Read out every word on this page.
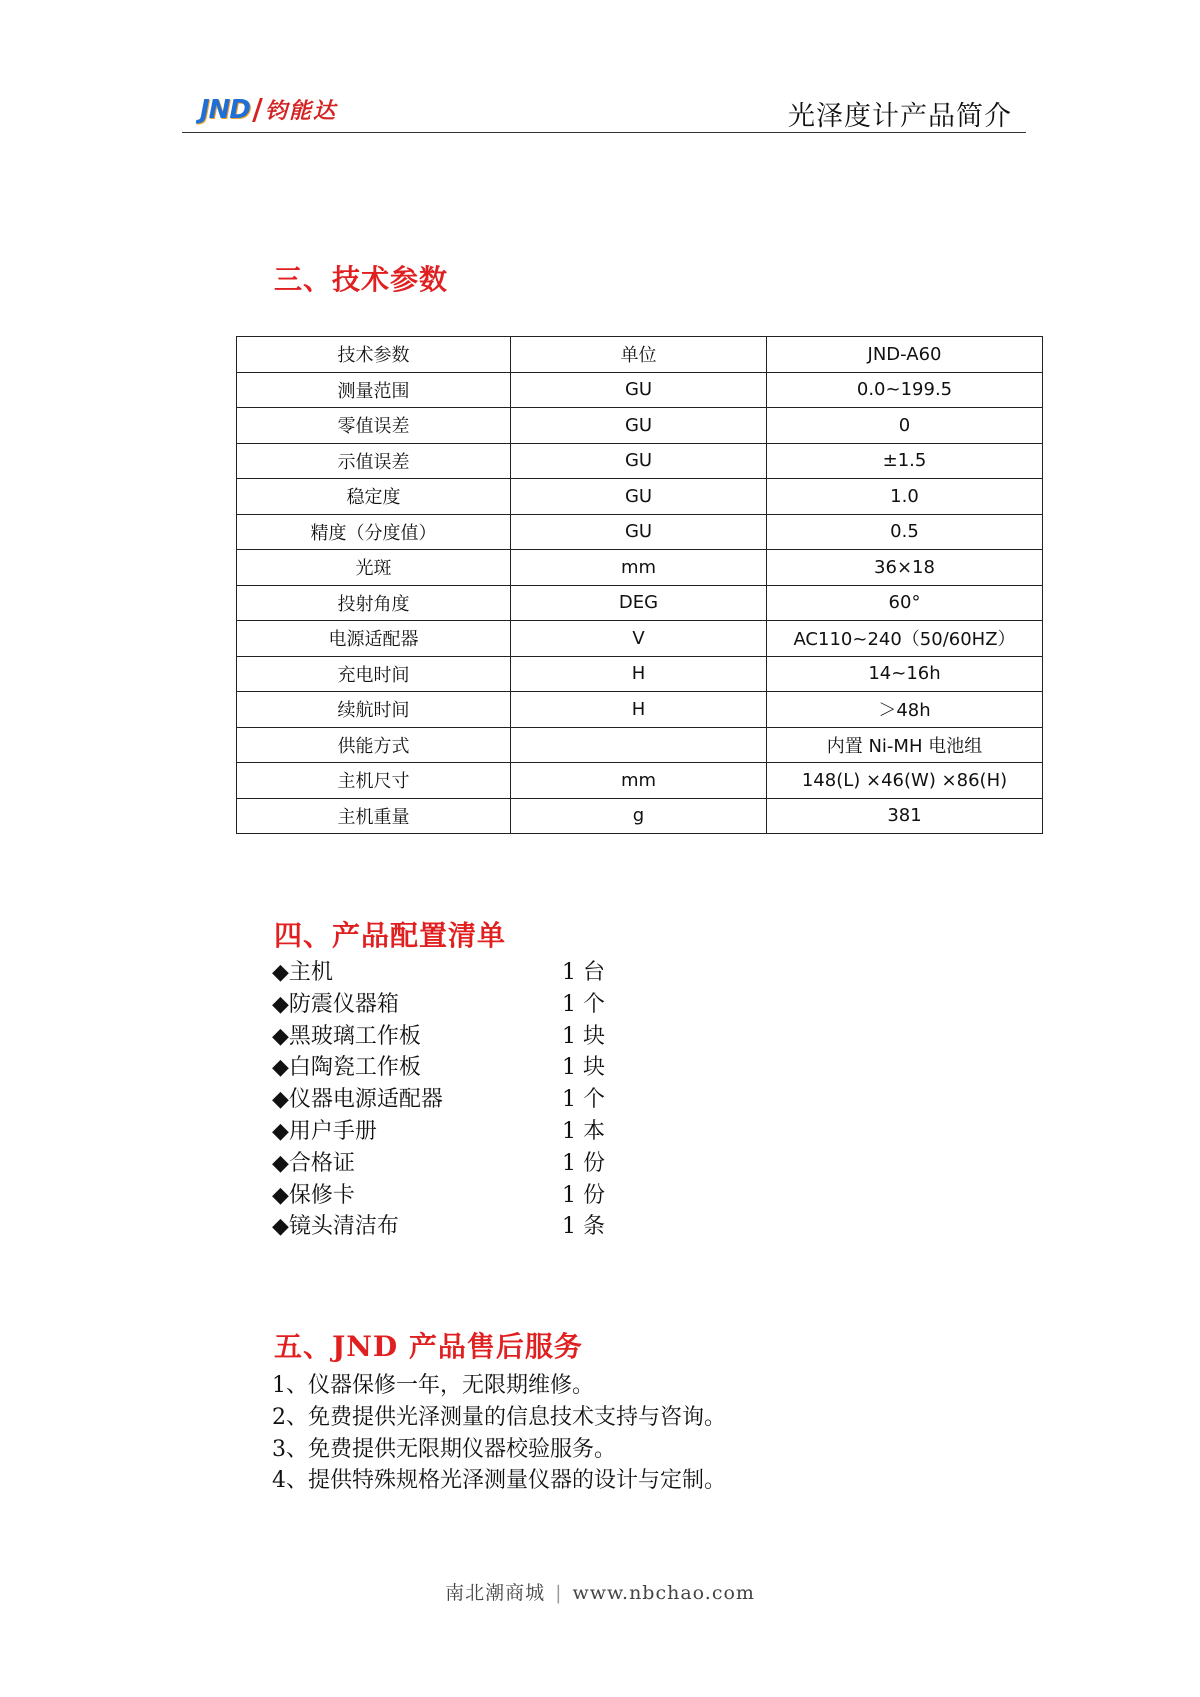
JND 钧能达	光泽度计产品简介
三、技术参数
技术参数	单位	JND-A60
测量范围	GU	0.0~199.5
零值误差	GU	0
示值误差	GU	±1.5
稳定度	GU	1.0
精度（分度值）	GU	0.5
光斑	mm	36×18
投射角度	DEG	60°
电源适配器	V	AC110~240（50/60HZ）
充电时间	H	14~16h
续航时间	H	＞48h
供能方式		内置 Ni-MH 电池组
主机尺寸	mm	148(L) ×46(W) ×86(H)
主机重量	g	381
四、产品配置清单
◆主机	1 台
◆防震仪器箱	1 个
◆黑玻璃工作板	1 块
◆白陶瓷工作板	1 块
◆仪器电源适配器	1 个
◆用户手册	1 本
◆合格证	1 份
◆保修卡	1 份
◆镜头清洁布	1 条
五、JND 产品售后服务
1、仪器保修一年，无限期维修。
2、免费提供光泽测量的信息技术支持与咨询。
3、免费提供无限期仪器校验服务。
4、提供特殊规格光泽测量仪器的设计与定制。
南北潮商城 | www.nbchao.com
